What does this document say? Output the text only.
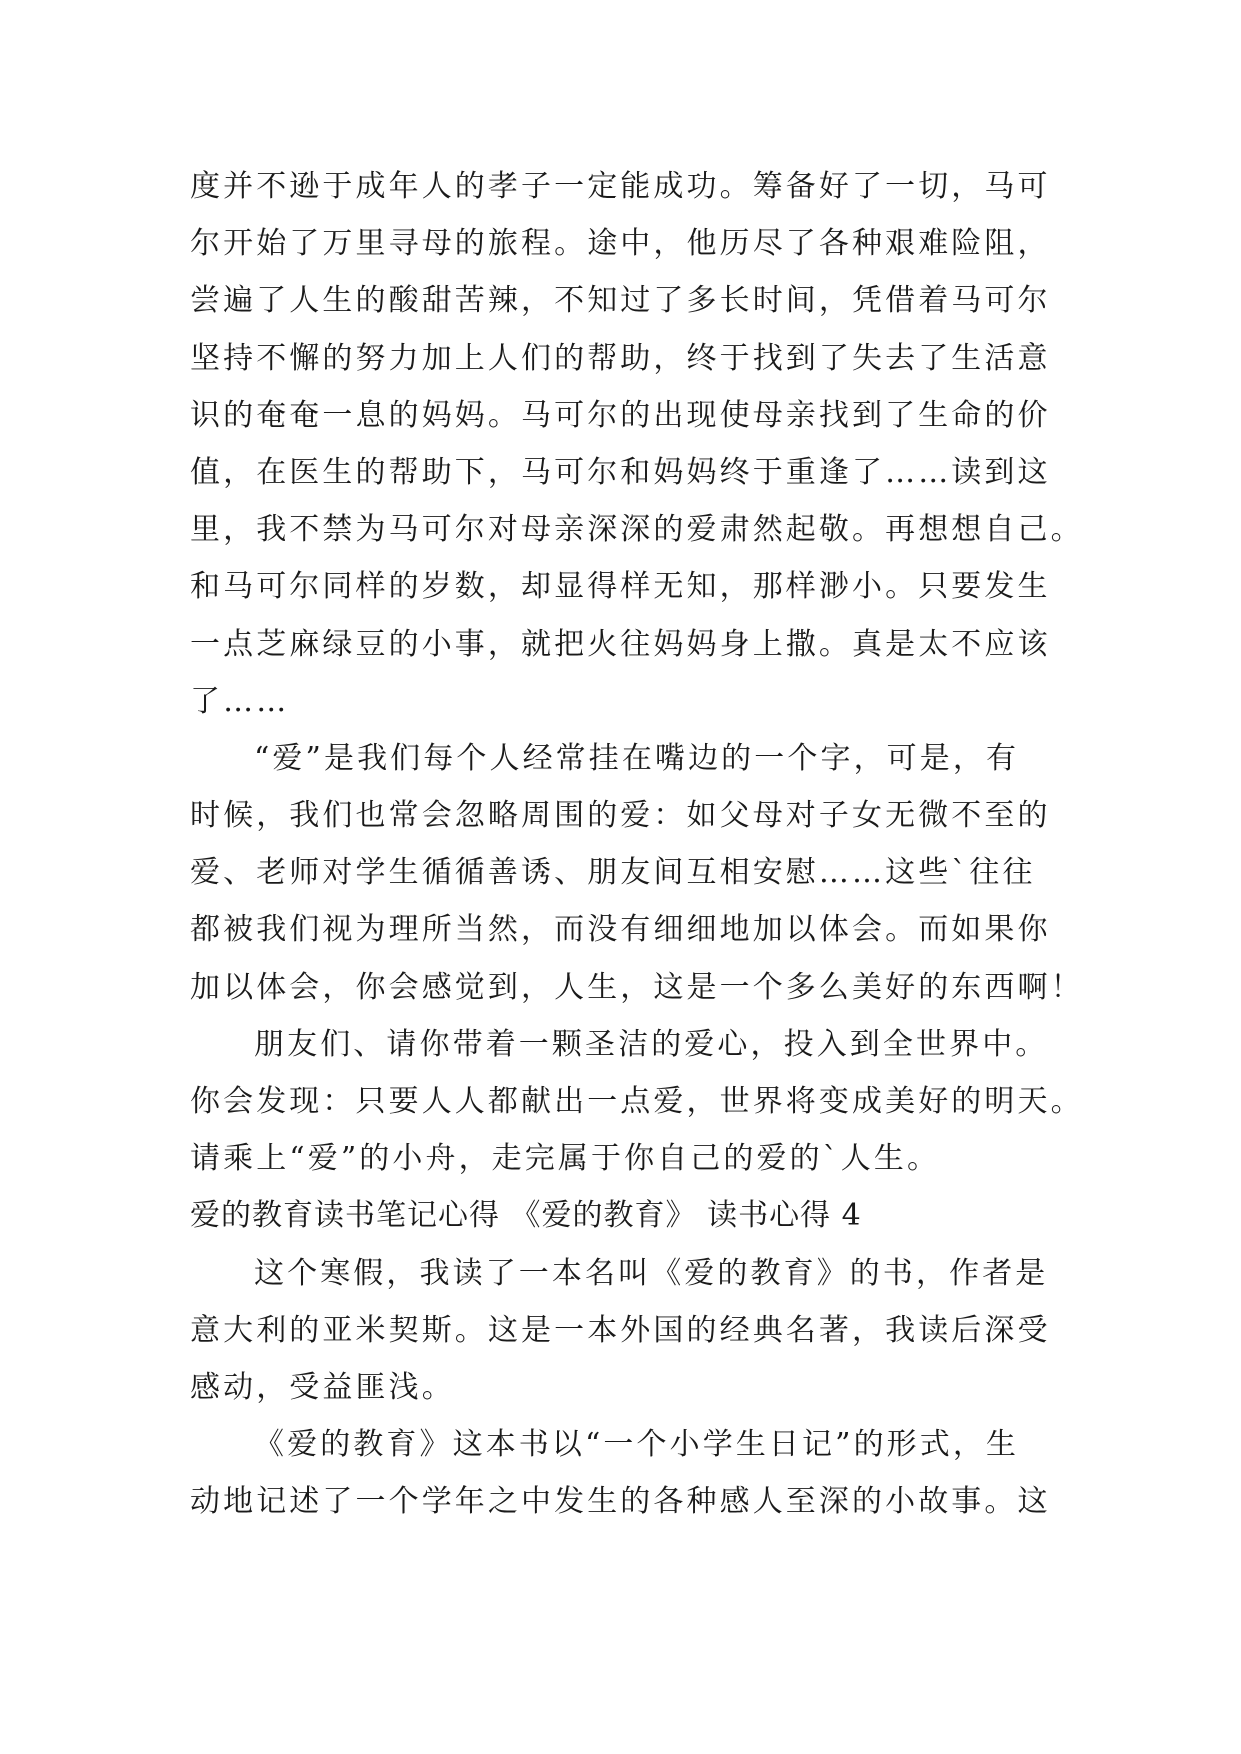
度并不逊于成年人的孝子一定能成功。筹备好了一切，马可
尔开始了万里寻母的旅程。途中，他历尽了各种艰难险阻，
尝遍了人生的酸甜苦辣，不知过了多长时间，凭借着马可尔
坚持不懈的努力加上人们的帮助，终于找到了失去了生活意
识的奄奄一息的妈妈。马可尔的出现使母亲找到了生命的价
值，在医生的帮助下，马可尔和妈妈终于重逢了……读到这
里，我不禁为马可尔对母亲深深的爱肃然起敬。再想想自己。
和马可尔同样的岁数，却显得样无知，那样渺小。只要发生
一点芝麻绿豆的小事，就把火往妈妈身上撒。真是太不应该
了……
“爱”是我们每个人经常挂在嘴边的一个字，可是，有
时候，我们也常会忽略周围的爱：如父母对子女无微不至的
爱、老师对学生循循善诱、朋友间互相安慰……这些`往往
都被我们视为理所当然，而没有细细地加以体会。而如果你
加以体会，你会感觉到，人生，这是一个多么美好的东西啊！
朋友们、请你带着一颗圣洁的爱心，投入到全世界中。
你会发现：只要人人都献出一点爱，世界将变成美好的明天。
请乘上“爱”的小舟，走完属于你自己的爱的`人生。
爱的教育读书笔记心得 《爱的教育》 读书心得 4
这个寒假，我读了一本名叫《爱的教育》的书，作者是
意大利的亚米契斯。这是一本外国的经典名著，我读后深受
感动，受益匪浅。
《爱的教育》这本书以“一个小学生日记”的形式，生
动地记述了一个学年之中发生的各种感人至深的小故事。这
